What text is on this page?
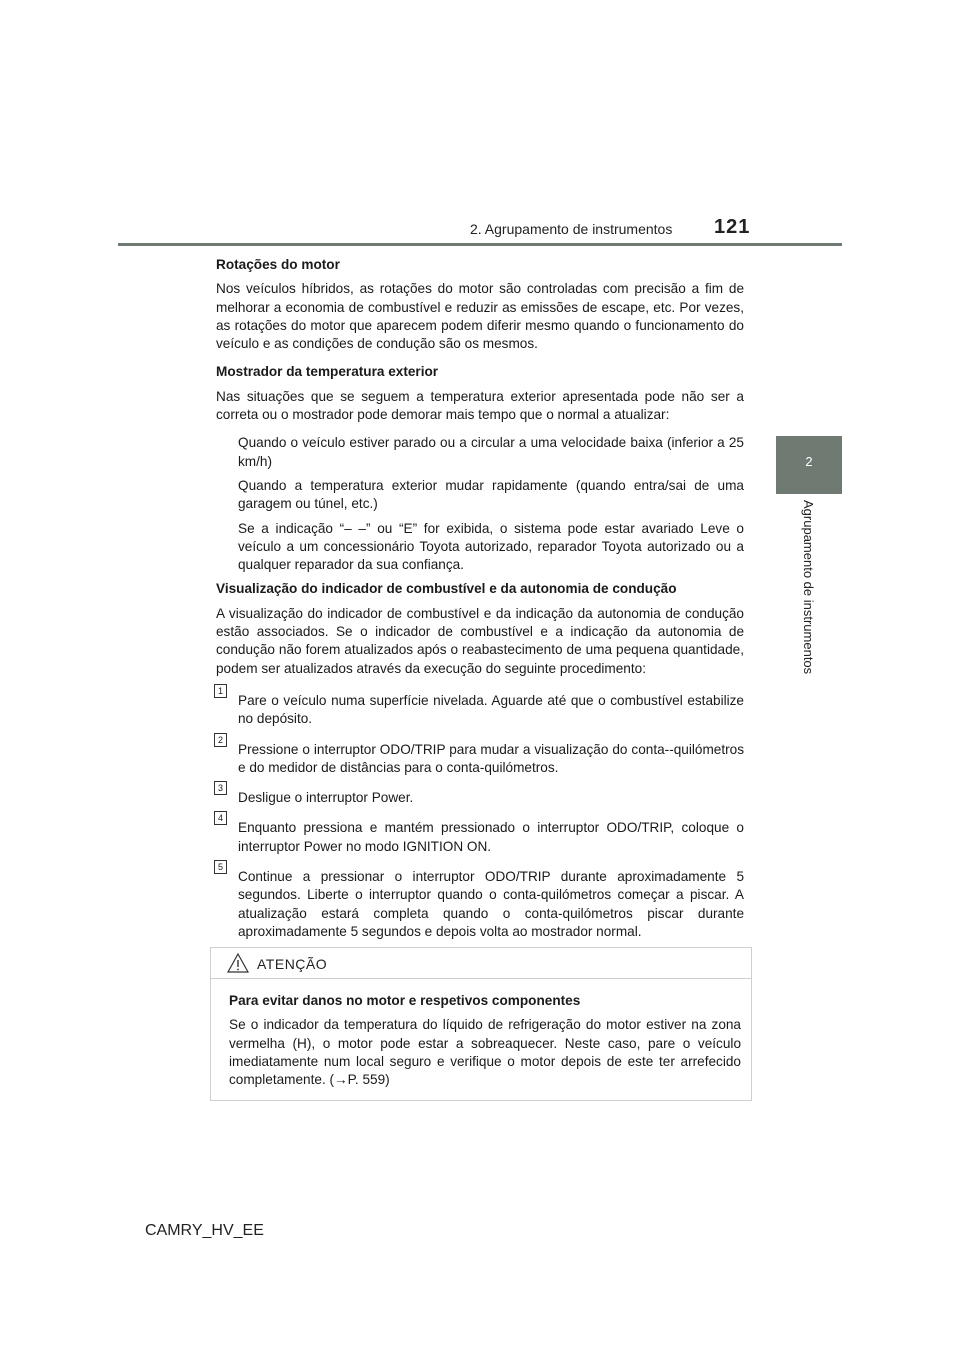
2. Agrupamento de instrumentos 121
2
Agrupamento de instrumentos

Rotações do motor

Nos veículos híbridos, as rotações do motor são controladas com precisão a fim de melhorar a economia de combustível e reduzir as emissões de escape, etc. Por vezes, as rotações do motor que aparecem podem diferir mesmo quando o funcionamento do veículo e as condições de condução são os mesmos.

Mostrador da temperatura exterior

Nas situações que se seguem a temperatura exterior apresentada pode não ser a correta ou o mostrador pode demorar mais tempo que o normal a atualizar:

Quando o veículo estiver parado ou a circular a uma velocidade baixa (inferior a 25 km/h)

Quando a temperatura exterior mudar rapidamente (quando entra/sai de uma garagem ou túnel, etc.)

Se a indicação “– –” ou “E” for exibida, o sistema pode estar avariado Leve o veículo a um concessionário Toyota autorizado, reparador Toyota autorizado ou a qualquer reparador da sua confiança.

Visualização do indicador de combustível e da autonomia de condução

A visualização do indicador de combustível e da indicação da autonomia de condução estão associados. Se o indicador de combustível e a indicação da autonomia de condução não forem atualizados após o reabastecimento de uma pequena quantidade, podem ser atualizados através da execução do seguinte procedimento:

1

Pare o veículo numa superfície nivelada. Aguarde até que o combustível estabilize no depósito.

2

Pressione o interruptor ODO/TRIP para mudar a visualização do conta--quilómetros e do medidor de distâncias para o conta-quilómetros.

3

Desligue o interruptor Power.

4

Enquanto pressiona e mantém pressionado o interruptor ODO/TRIP, coloque o interruptor Power no modo IGNITION ON.

5

Continue a pressionar o interruptor ODO/TRIP durante aproximadamente 5 segundos. Liberte o interruptor quando o conta-quilómetros começar a piscar. A atualização estará completa quando o conta-quilómetros piscar durante aproximadamente 5 segundos e depois volta ao mostrador normal.

ATENÇÃO

Para evitar danos no motor e respetivos componentes

Se o indicador da temperatura do líquido de refrigeração do motor estiver na zona vermelha (H), o motor pode estar a sobreaquecer. Neste caso, pare o veículo imediatamente num local seguro e verifique o motor depois de este ter arrefecido completamente. (→P. 559)

CAMRY_HV_EE
